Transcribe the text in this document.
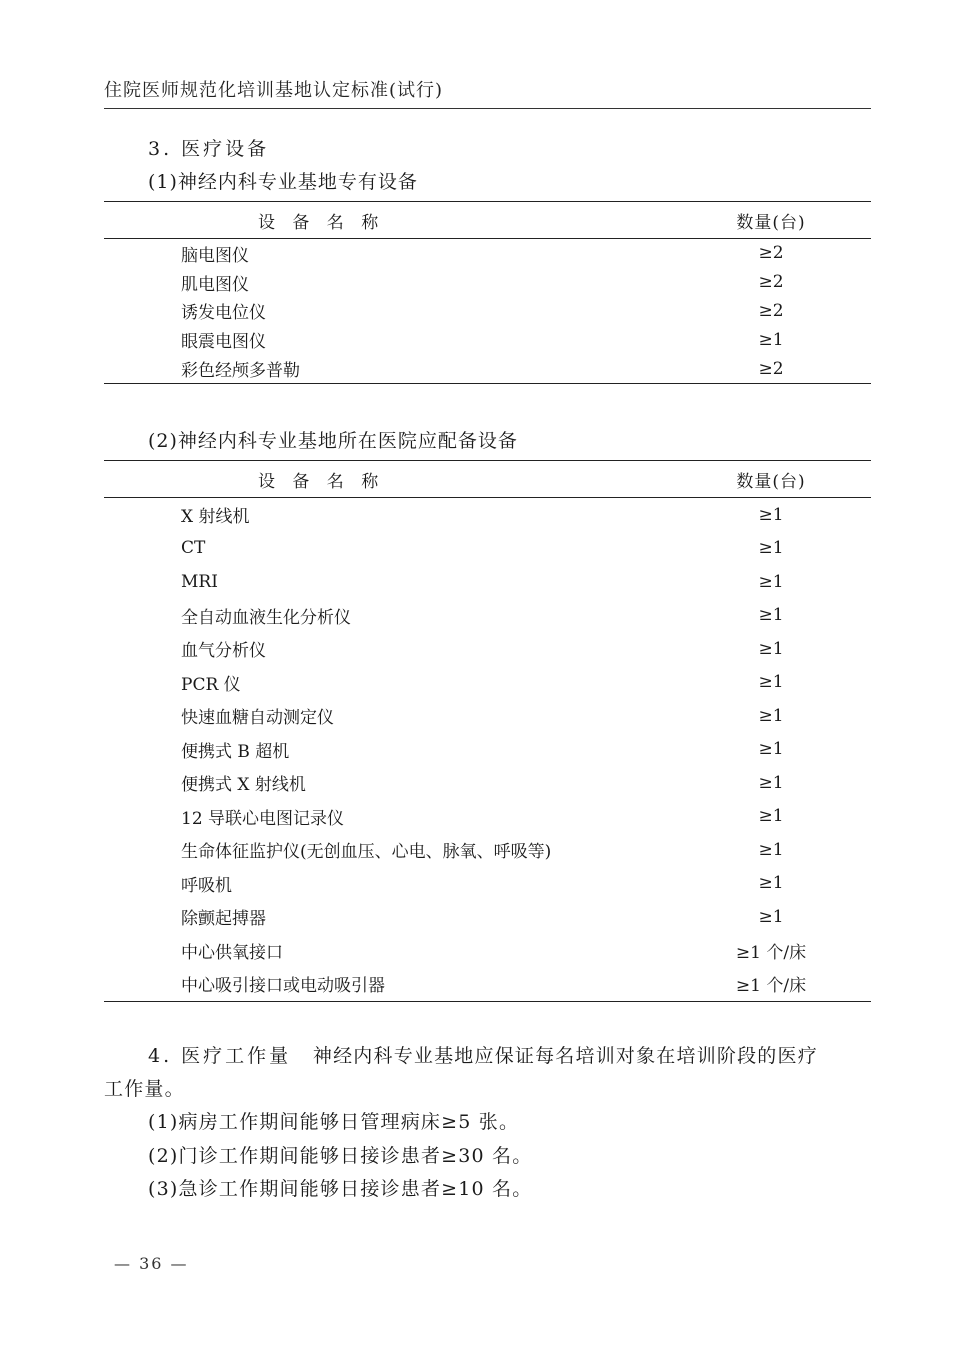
住院医师规范化培训基地认定标准(试行)
3. 医疗设备
(1)神经内科专业基地专有设备
设 备 名 称	数量(台)
脑电图仪	≥2
肌电图仪	≥2
诱发电位仪	≥2
眼震电图仪	≥1
彩色经颅多普勒	≥2
(2)神经内科专业基地所在医院应配备设备
设 备 名 称	数量(台)
X 射线机	≥1
CT	≥1
MRI	≥1
全自动血液生化分析仪	≥1
血气分析仪	≥1
PCR 仪	≥1
快速血糖自动测定仪	≥1
便携式 B 超机	≥1
便携式 X 射线机	≥1
12 导联心电图记录仪	≥1
生命体征监护仪(无创血压、心电、脉氧、呼吸等)	≥1
呼吸机	≥1
除颤起搏器	≥1
中心供氧接口	≥1 个/床
中心吸引接口或电动吸引器	≥1 个/床
4. 医疗工作量 神经内科专业基地应保证每名培训对象在培训阶段的医疗
工作量。
(1)病房工作期间能够日管理病床≥5 张。
(2)门诊工作期间能够日接诊患者≥30 名。
(3)急诊工作期间能够日接诊患者≥10 名。
— 36 —
